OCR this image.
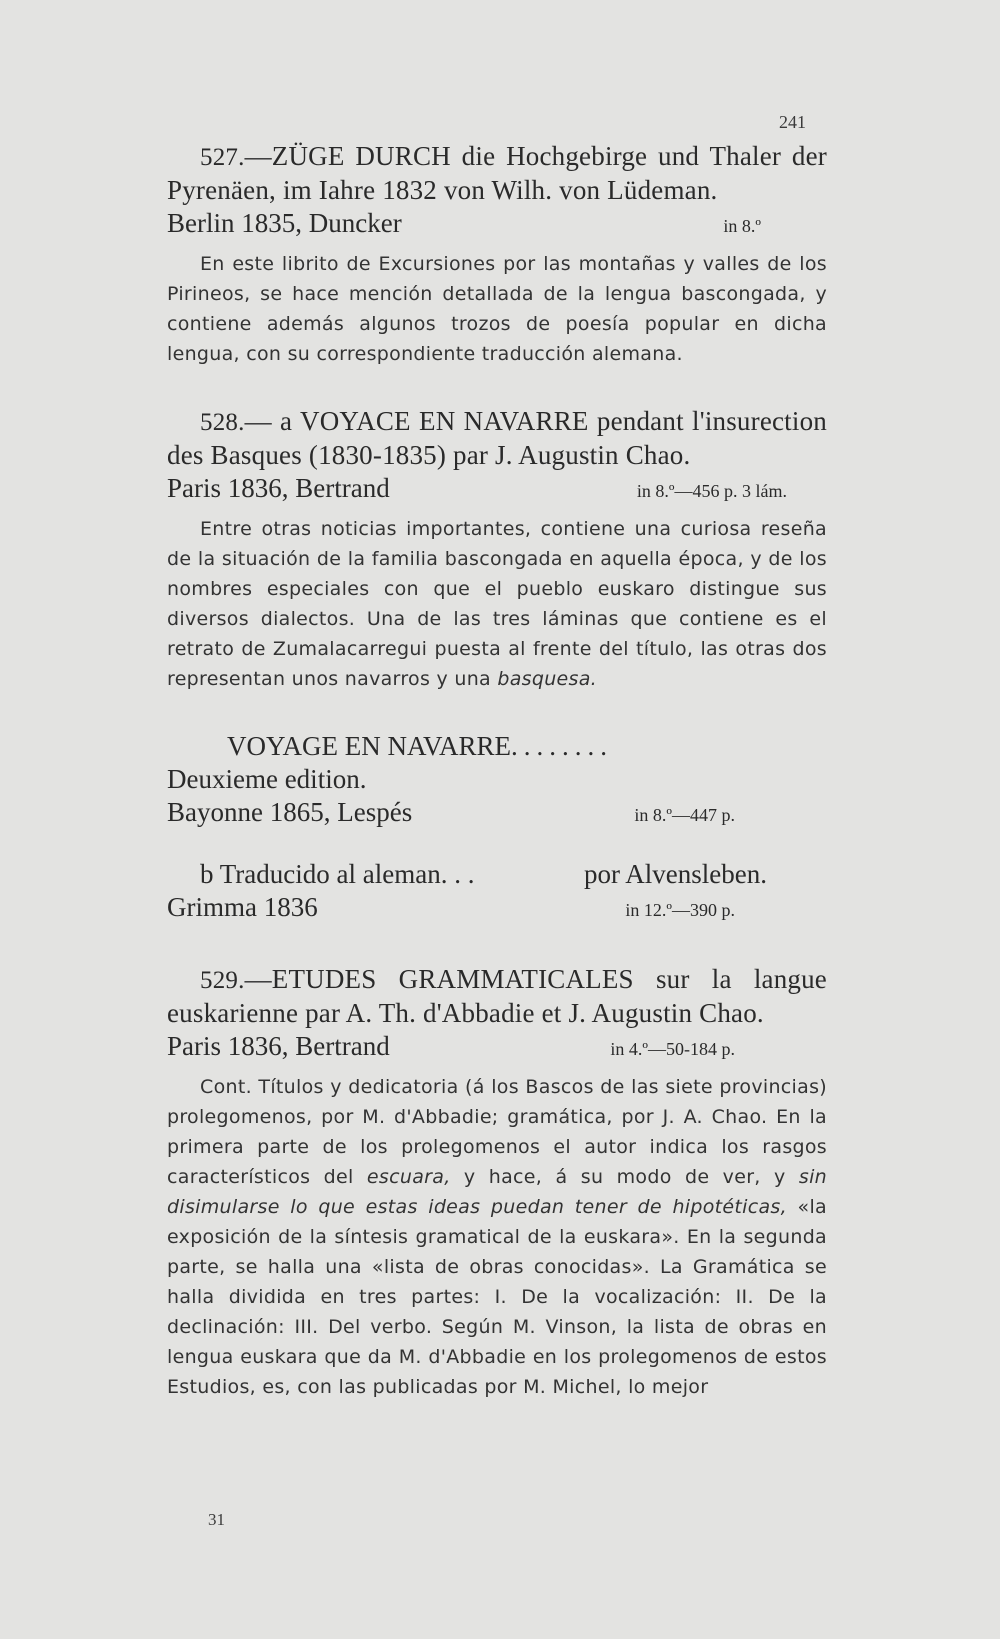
241

527.—ZÜGE DURCH die Hochgebirge und Thaler der Pyrenäen, im Iahre 1832 von Wilh. von Lüdeman.

Berlin 1835, Duncker	in 8.º

En este librito de Excursiones por las montañas y valles de los Pirineos, se hace mención detallada de la lengua bascongada, y contiene además algunos trozos de poesía popular en dicha lengua, con su correspondiente traducción alemana.

528.— a VOYACE EN NAVARRE pendant l'insurection des Basques (1830-1835) par J. Augustin Chao.

Paris 1836, Bertrand	in 8.º—456 p. 3 lám.

Entre otras noticias importantes, contiene una curiosa reseña de la situación de la familia bascongada en aquella época, y de los nombres especiales con que el pueblo euskaro distingue sus diversos dialectos. Una de las tres láminas que contiene es el retrato de Zumalacarregui puesta al frente del título, las otras dos representan unos navarros y una basquesa.

VOYAGE EN NAVARRE........

Deuxieme edition.

Bayonne 1865, Lespés	in 8.º—447 p.
b Traducido al aleman. . .	por Alvensleben.
Grimma 1836	in 12.º—390 p.

529.—ETUDES GRAMMATICALES sur la langue euskarienne par A. Th. d'Abbadie et J. Augustin Chao.

Paris 1836, Bertrand	in 4.º—50-184 p.

Cont. Títulos y dedicatoria (á los Bascos de las siete provincias) prolegomenos, por M. d'Abbadie; gramática, por J. A. Chao. En la primera parte de los prolegomenos el autor indica los rasgos característicos del escuara, y hace, á su modo de ver, y sin disimularse lo que estas ideas puedan tener de hipotéticas, «la exposición de la síntesis gramatical de la euskara». En la segunda parte, se halla una «lista de obras conocidas». La Gramática se halla dividida en tres partes: I. De la vocalización: II. De la declinación: III. Del verbo. Según M. Vinson, la lista de obras en lengua euskara que da M. d'Abbadie en los prolegomenos de estos Estudios, es, con las publicadas por M. Michel, lo mejor

31
